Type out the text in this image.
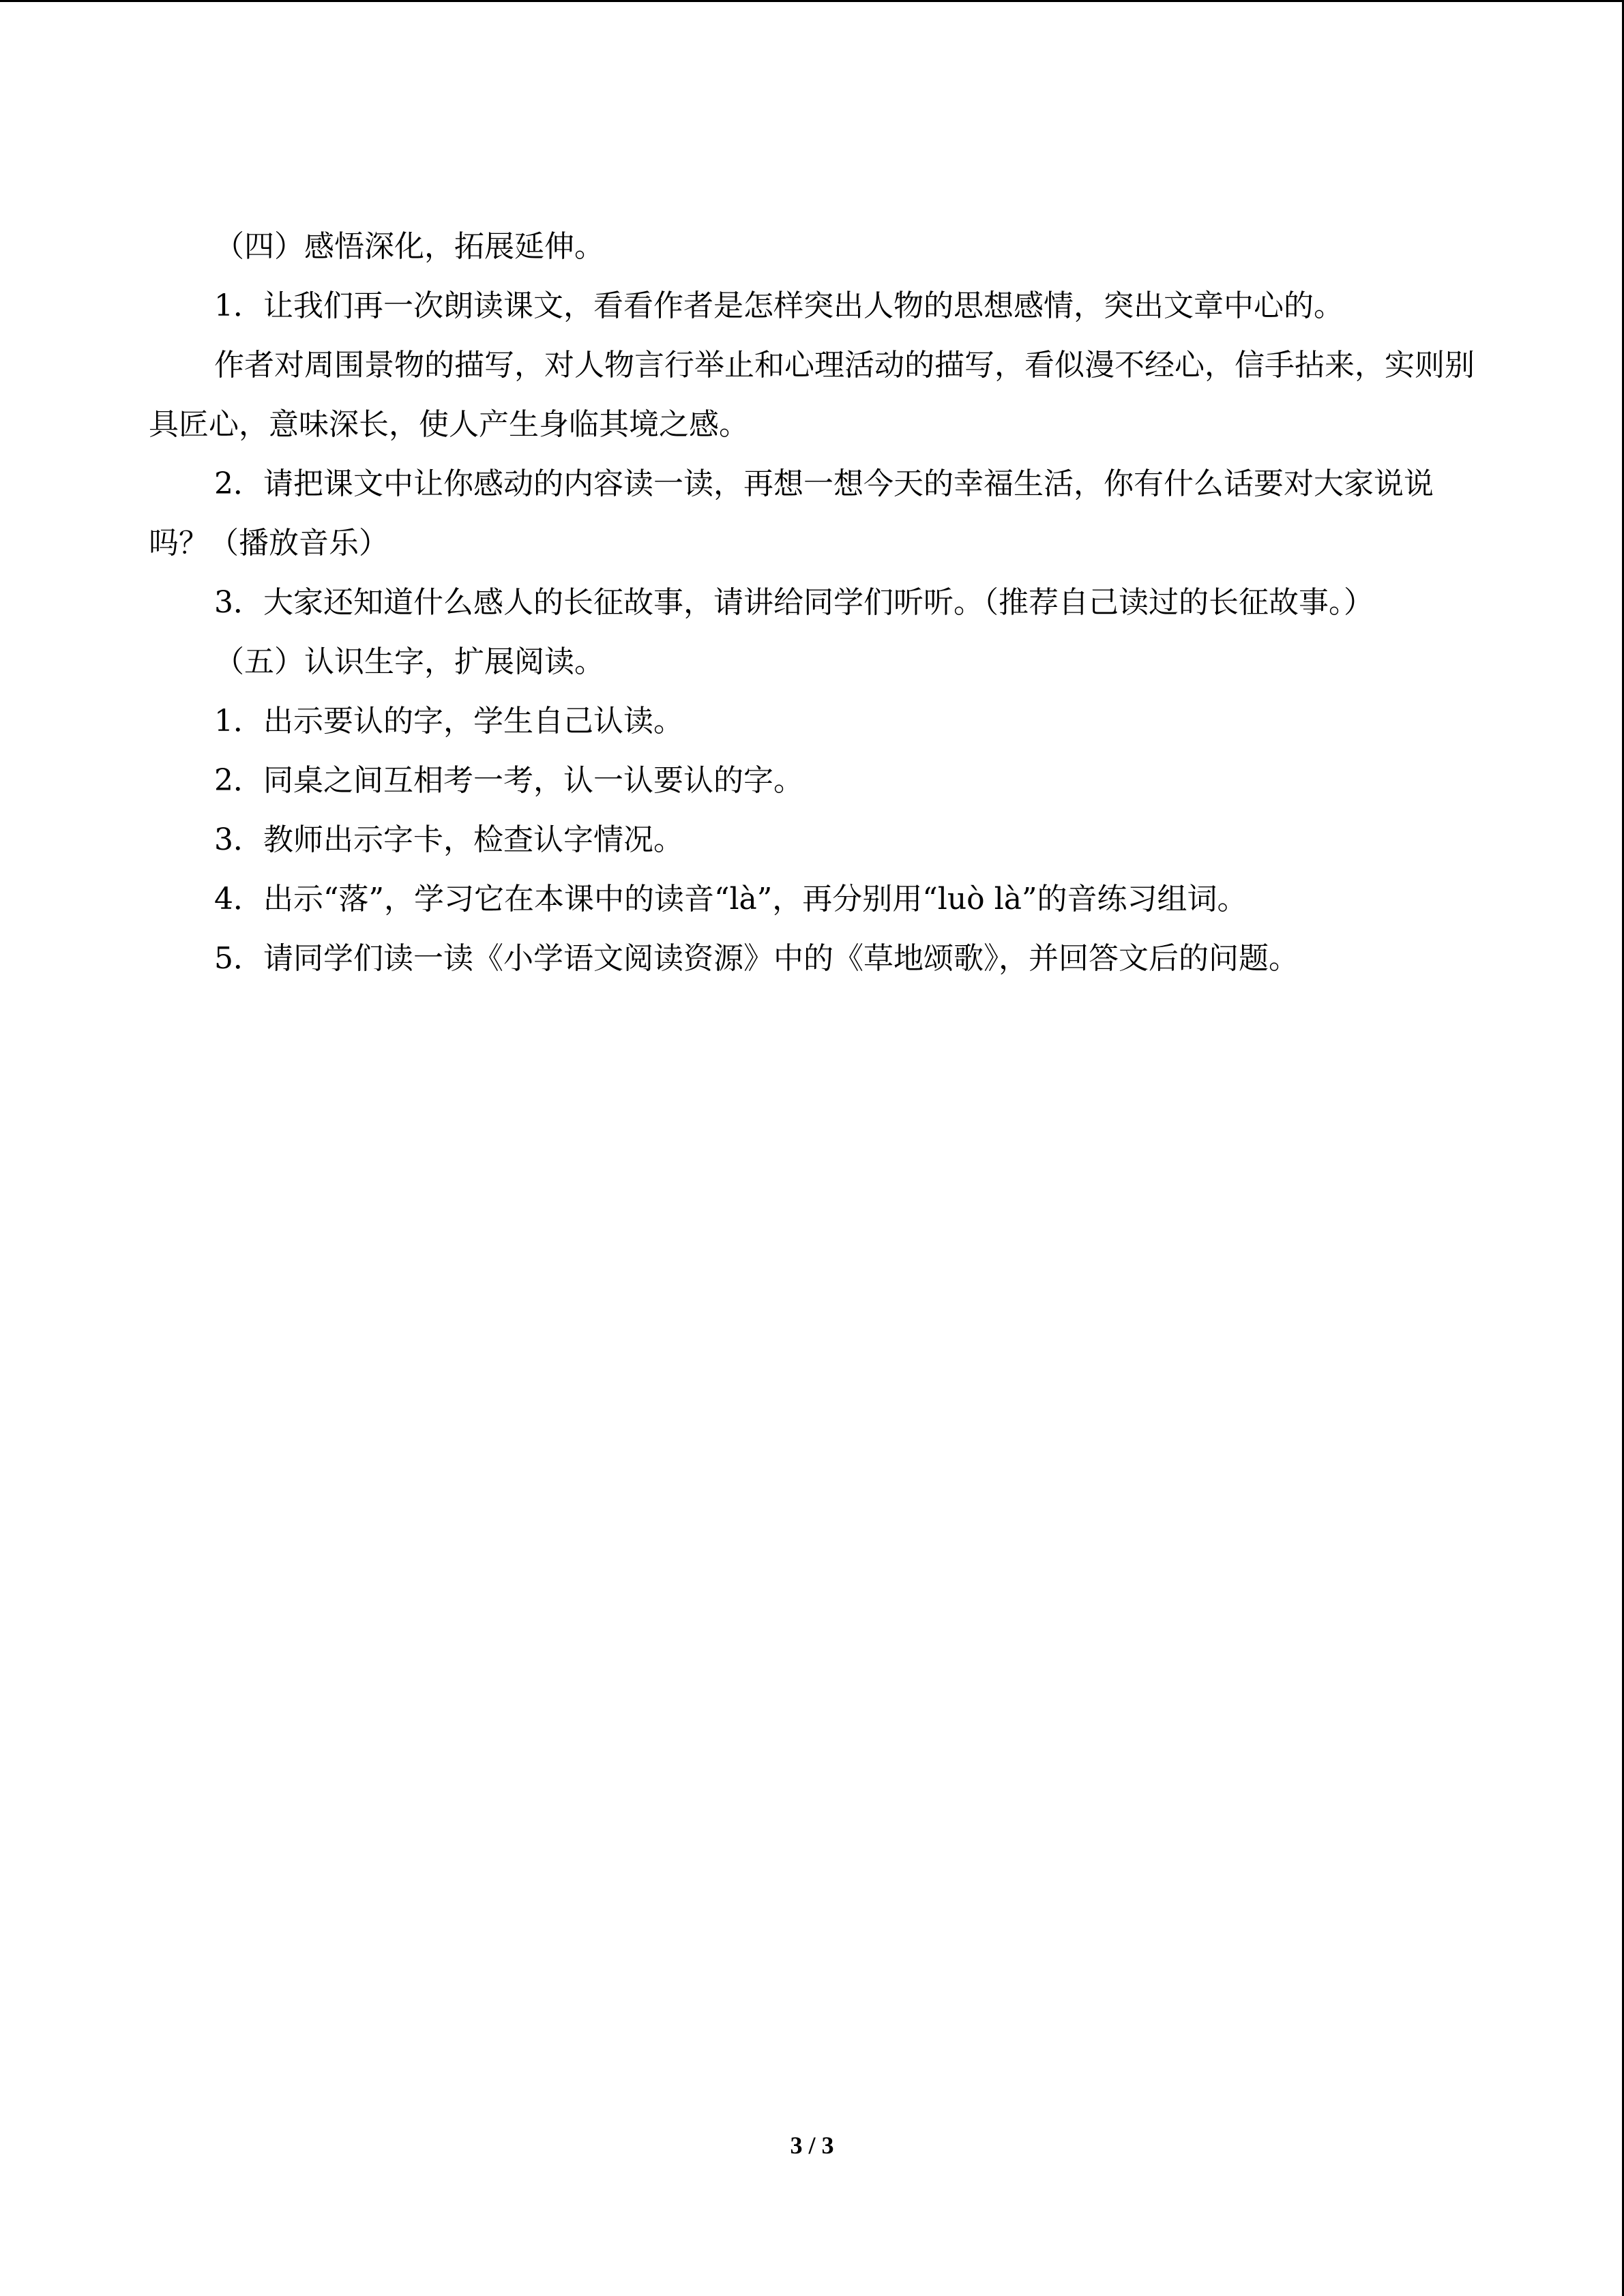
（四）感悟深化，拓展延伸。

1．让我们再一次朗读课文，看看作者是怎样突出人物的思想感情，突出文章中心的。

作者对周围景物的描写，对人物言行举止和心理活动的描写，看似漫不经心，信手拈来，实则别具匠心，意味深长，使人产生身临其境之感。

2．请把课文中让你感动的内容读一读，再想一想今天的幸福生活，你有什么话要对大家说说吗？（播放音乐）

3．大家还知道什么感人的长征故事，请讲给同学们听听。（推荐自己读过的长征故事。）

（五）认识生字，扩展阅读。

1．出示要认的字，学生自己认读。

2．同桌之间互相考一考，认一认要认的字。

3．教师出示字卡，检查认字情况。

4．出示“落”，学习它在本课中的读音“là”，再分别用“luò là”的音练习组词。

5．请同学们读一读《小学语文阅读资源》中的《草地颂歌》，并回答文后的问题。

3 / 3
